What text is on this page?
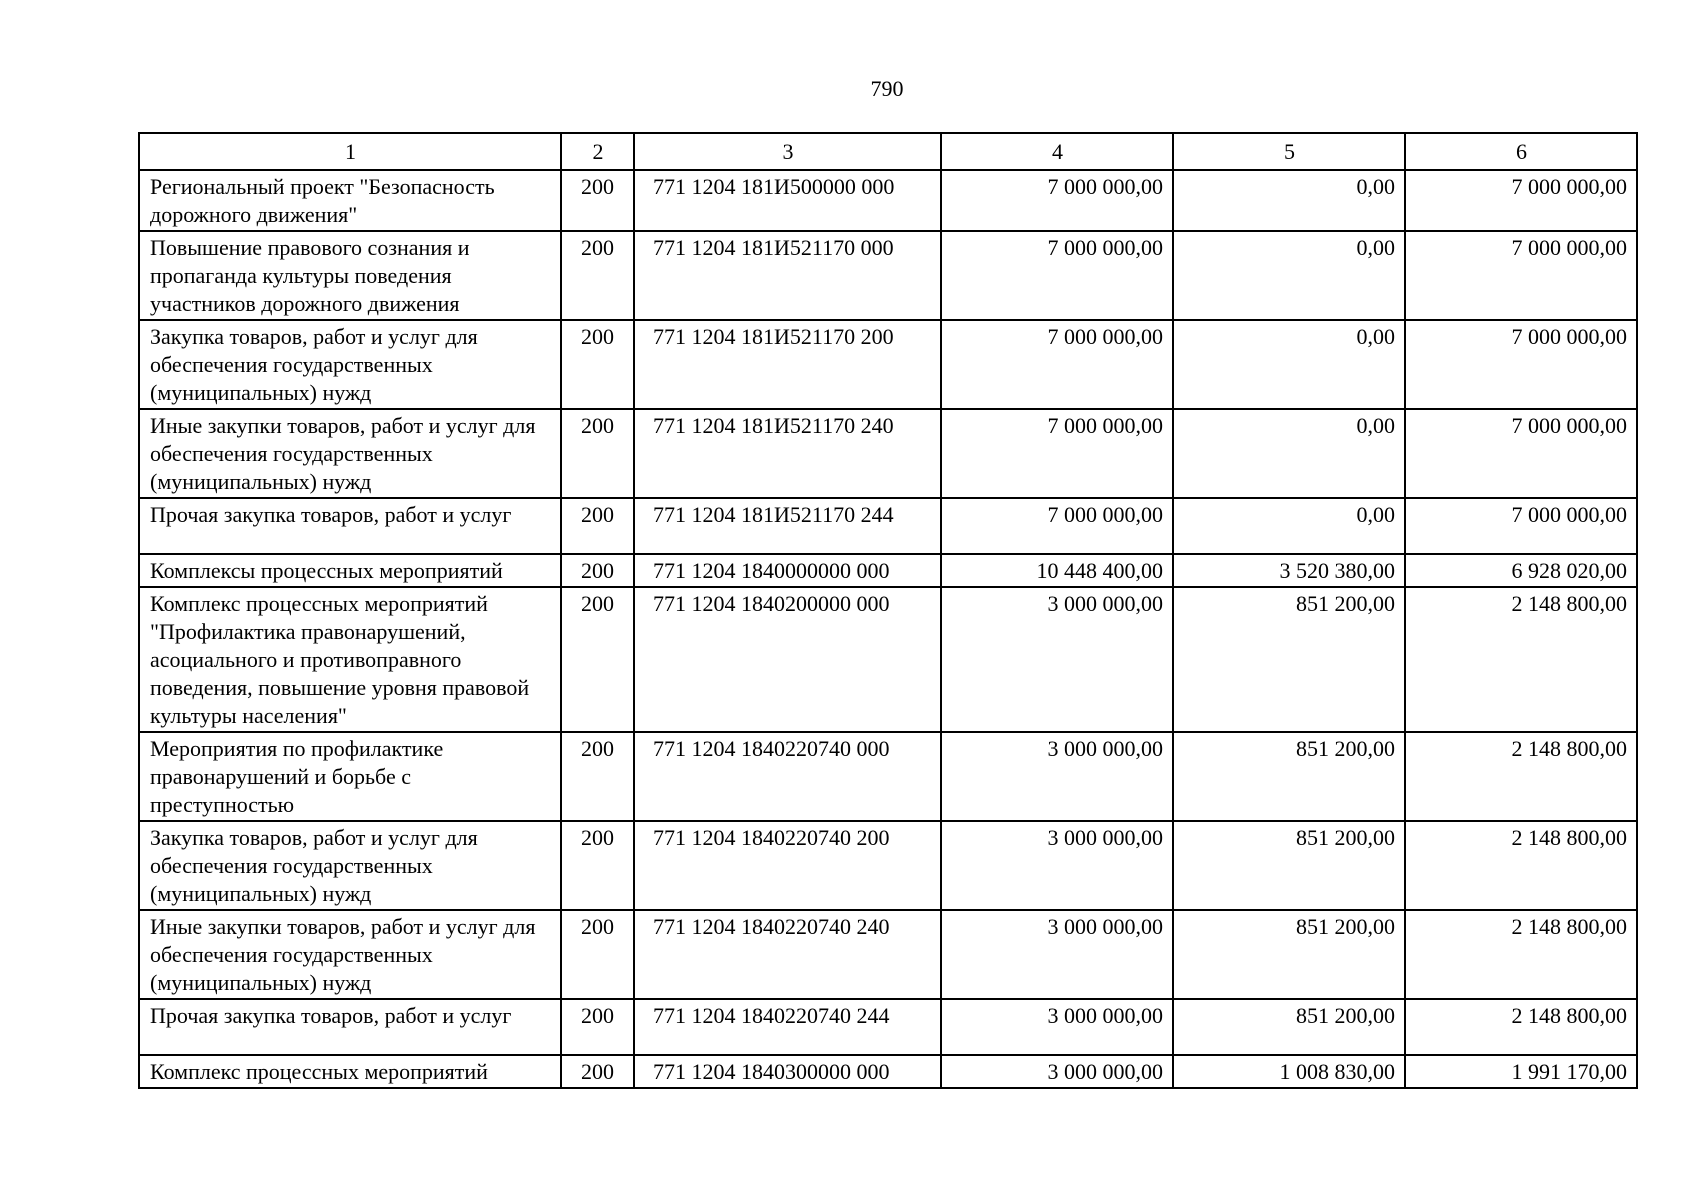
790
1	2	3	4	5	6
Региональный проект "Безопасность дорожного движения"	200	771 1204 181И500000 000	7 000 000,00	0,00	7 000 000,00
Повышение правового сознания и пропаганда культуры поведения участников дорожного движения	200	771 1204 181И521170 000	7 000 000,00	0,00	7 000 000,00
Закупка товаров, работ и услуг для обеспечения государственных (муниципальных) нужд	200	771 1204 181И521170 200	7 000 000,00	0,00	7 000 000,00
Иные закупки товаров, работ и услуг для обеспечения государственных (муниципальных) нужд	200	771 1204 181И521170 240	7 000 000,00	0,00	7 000 000,00
Прочая закупка товаров, работ и услуг	200	771 1204 181И521170 244	7 000 000,00	0,00	7 000 000,00
Комплексы процессных мероприятий	200	771 1204 1840000000 000	10 448 400,00	3 520 380,00	6 928 020,00
Комплекс процессных мероприятий "Профилактика правонарушений, асоциального и противоправного поведения, повышение уровня правовой культуры населения"	200	771 1204 1840200000 000	3 000 000,00	851 200,00	2 148 800,00
Мероприятия по профилактике правонарушений и борьбе с преступностью	200	771 1204 1840220740 000	3 000 000,00	851 200,00	2 148 800,00
Закупка товаров, работ и услуг для обеспечения государственных (муниципальных) нужд	200	771 1204 1840220740 200	3 000 000,00	851 200,00	2 148 800,00
Иные закупки товаров, работ и услуг для обеспечения государственных (муниципальных) нужд	200	771 1204 1840220740 240	3 000 000,00	851 200,00	2 148 800,00
Прочая закупка товаров, работ и услуг	200	771 1204 1840220740 244	3 000 000,00	851 200,00	2 148 800,00
Комплекс процессных мероприятий	200	771 1204 1840300000 000	3 000 000,00	1 008 830,00	1 991 170,00
